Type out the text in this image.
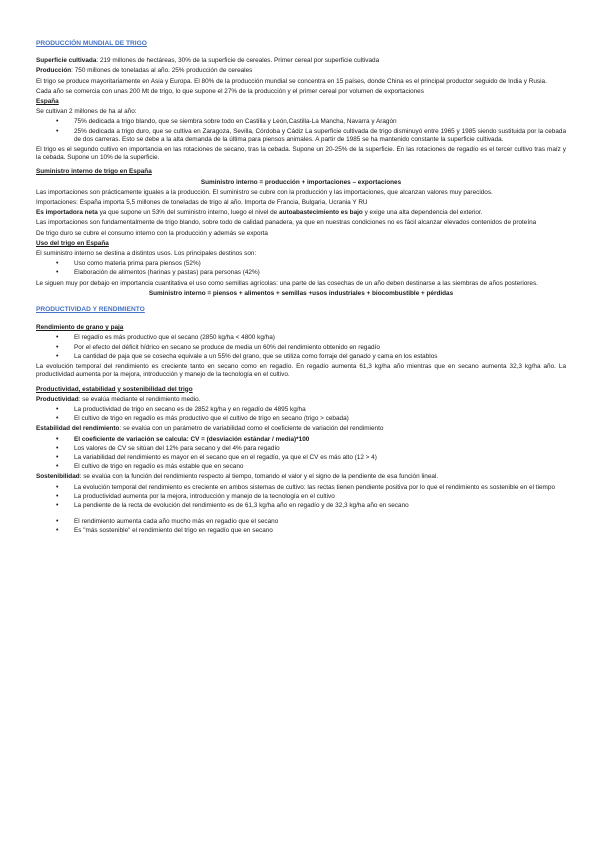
PRODUCCIÓN MUNDIAL DE TRIGO

Superficie cultivada: 219 millones de hectáreas, 30% de la superficie de cereales. Primer cereal por superficie cultivada

Producción: 750 millones de toneladas al año. 25% producción de cereales

El trigo se produce mayoritariamente en Asia y Europa. El 80% de la producción mundial se concentra en 15 países, donde China es el principal productor seguido de India y Rusia.

Cada año se comercia con unas 200 Mt de trigo, lo que supone el 27% de la producción y el primer cereal por volumen de exportaciones

España

Se cultivan 2 millones de ha al año:

• 75% dedicada a trigo blando, que se siembra sobre todo en Castilla y León,Castilla-La Mancha, Navarra y Aragón
• 25% dedicada a trigo duro, que se cultiva en Zaragoza, Sevilla, Córdoba y Cádiz La superficie cultivada de trigo disminuyó entre 1965 y 1985 siendo sustituida por la cebada de dos carreras. Esto se debe a la alta demanda de la última para piensos animales. A partir de 1985 se ha mantenido constante la superficie cultivada.

El trigo es el segundo cultivo en importancia en las rotaciones de secano, tras la cebada. Supone un 20-25% de la superficie. En las rotaciones de regadío es el tercer cultivo tras maíz y la cebada. Supone un 10% de la superficie.

Suministro interno de trigo en España
Suministro interno = producción + importaciones – exportaciones

Las importaciones son prácticamente iguales a la producción. El suministro se cubre con la producción y las importaciones, que alcanzan valores muy parecidos.

Importaciones: España importa 5,5 millones de toneladas de trigo al año. Importa de Francia, Bulgaria, Ucrania Y RU

Es importadora neta ya que supone un 53% del suministro interno, luego el nivel de autoabastecimiento es bajo y exige una alta dependencia del exterior.

Las importaciones son fundamentalmente de trigo blando, sobre todo de calidad panadera, ya que en nuestras condiciones no es fácil alcanzar elevados contenidos de proteína

De trigo duro se cubre el consumo interno con la producción y además se exporta

Uso del trigo en España

El suministro interno se destina a distintos usos. Los principales destinos son:

• Uso como materia prima para piensos (52%)
• Elaboración de alimentos (harinas y pastas) para personas (42%)

Le siguen muy por debajo en importancia cuantitativa el uso como semillas agrícolas: una parte de las cosechas de un año deben destinarse a las siembras de años posteriores.

Suministro interno = piensos + alimentos + semillas +usos industriales + biocombustible + pérdidas
PRODUCTIVIDAD Y RENDIMIENTO
Rendimiento de grano y paja
• El regadío es más productivo que el secano (2850 kg/ha < 4800 kg/ha)
• Por el efecto del déficit hídrico en secano se produce de media un 60% del rendimiento obtenido en regadío
• La cantidad de paja que se cosecha equivale a un 55% del grano, que se utiliza como forraje del ganado y cama en los establos

La evolución temporal del rendimiento es creciente tanto en secano como en regadío. En regadío aumenta 61,3 kg/ha año mientras que en secano aumenta 32,3 kg/ha año. La productividad aumenta por la mejora, introducción y manejo de la tecnología en el cultivo.

Productividad, estabilidad y sostenibilidad del trigo

Productividad: se evalúa mediante el rendimiento medio.

• La productividad de trigo en secano es de 2852 kg/ha y en regadío de 4895 kg/ha
• El cultivo de trigo en regadío es más productivo que el cultivo de trigo en secano (trigo > cebada)

Estabilidad del rendimiento: se evalúa con un parámetro de variabilidad como el coeficiente de variación del rendimiento

• El coeficiente de variación se calcula: CV = (desviación estándar / media)*100
• Los valores de CV se sitúan del 12% para secano y del 4% para regadío
• La variabilidad del rendimiento es mayor en el secano que en el regadío, ya que el CV es más alto (12 > 4)
• El cultivo de trigo en regadío es más estable que en secano

Sostenibilidad: se evalúa con la función del rendimiento respecto al tiempo, tomando el valor y el signo de la pendiente de esa función lineal.

• La evolución temporal del rendimiento es creciente en ambos sistemas de cultivo: las rectas tienen pendiente positiva por lo que el rendimiento es sostenible en el tiempo
• La productividad aumenta por la mejora, introducción y manejo de la tecnología en el cultivo
• La pendiente de la recta de evolución del rendimiento es de 61,3 kg/ha año en regadío y de 32,3 kg/ha año en secano
• El rendimiento aumenta cada año mucho más en regadío que el secano
• Es "más sostenible" el rendimiento del trigo en regadío que en secano
